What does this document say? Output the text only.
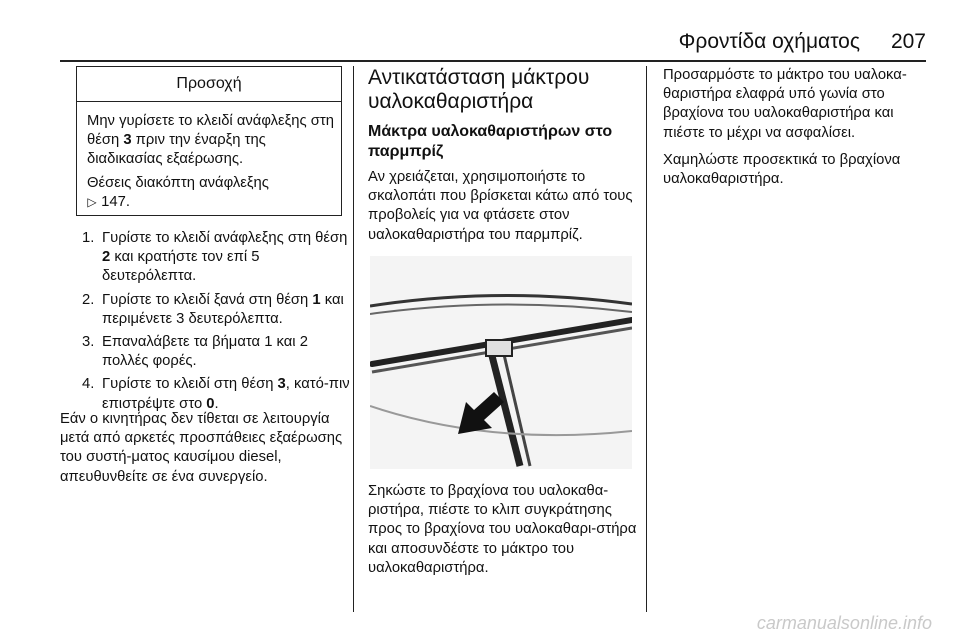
Φροντίδα οχήματος 207
Προσοχή

Μην γυρίσετε το κλειδί ανάφλεξης στη θέση 3 πριν την έναρξη της διαδικασίας εξαέρωσης.

Θέσεις διακόπτη ανάφλεξης
▷ 147.

1. Γυρίστε το κλειδί ανάφλεξης στη θέση 2 και κρατήστε τον επί 5 δευτερόλεπτα.
2. Γυρίστε το κλειδί ξανά στη θέση 1 και περιμένετε 3 δευτερόλεπτα.
3. Επαναλάβετε τα βήματα 1 και 2 πολλές φορές.
4. Γυρίστε το κλειδί στη θέση 3, κατό-πιν επιστρέψτε στο 0.

Εάν ο κινητήρας δεν τίθεται σε λειτουργία μετά από αρκετές προσπάθειες εξαέρωσης του συστή-ματος καυσίμου diesel, απευθυνθείτε σε ένα συνεργείο.

Αντικατάσταση μάκτρου υαλοκαθαριστήρα
Μάκτρα υαλοκαθαριστήρων στο παρμπρίζ

Αν χρειάζεται, χρησιμοποιήστε το σκαλοπάτι που βρίσκεται κάτω από τους προβολείς για να φτάσετε στον υαλοκαθαριστήρα του παρμπρίζ.

Σηκώστε το βραχίονα του υαλοκαθα-ριστήρα, πιέστε το κλιπ συγκράτησης προς το βραχίονα του υαλοκαθαρι-στήρα και αποσυνδέστε το μάκτρο του υαλοκαθαριστήρα.

Προσαρμόστε το μάκτρο του υαλοκα-θαριστήρα ελαφρά υπό γωνία στο βραχίονα του υαλοκαθαριστήρα και πιέστε το μέχρι να ασφαλίσει.

Χαμηλώστε προσεκτικά το βραχίονα υαλοκαθαριστήρα.

carmanualsonline.info
